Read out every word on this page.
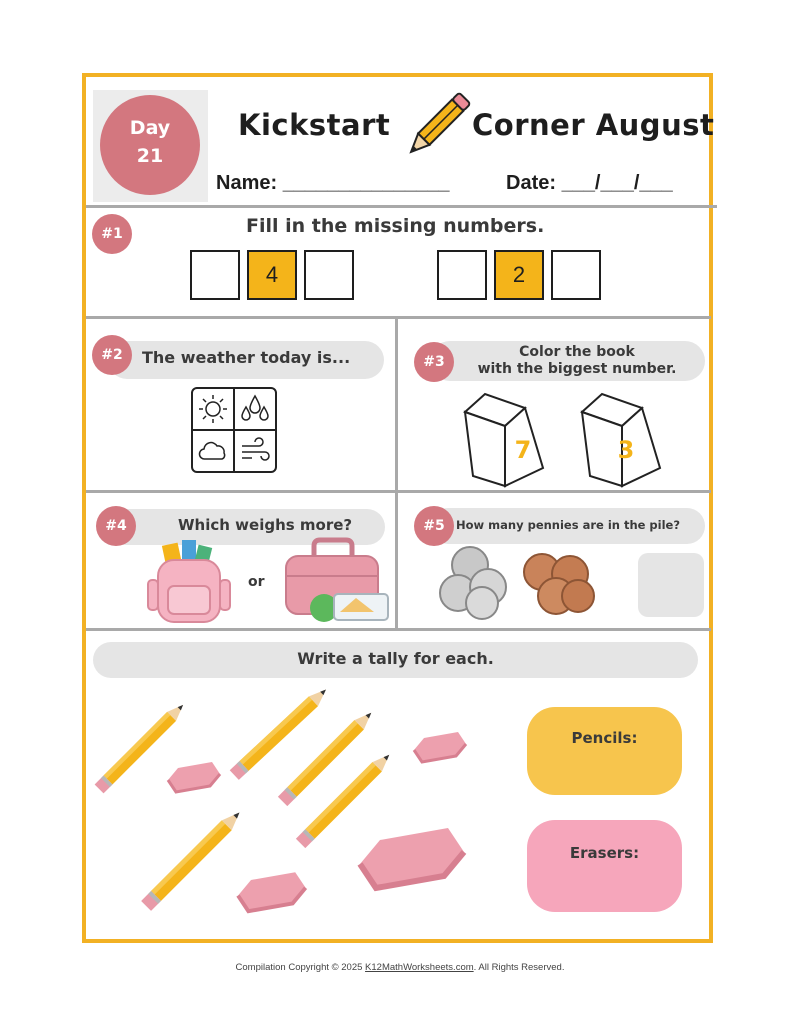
Day
21
Kickstart	Corner August
Name: _______________	Date: ___/___/___
#1	Fill in the missing numbers.
4	2
#2	The weather today is...	#3
Color the book
with the biggest number.
7	3
#4	Which weighs more?
or
#5 How many pennies are in the pile?
Write a tally for each.
Pencils:
Erasers:
Compilation Copyright © 2025 K12MathWorksheets.com. All Rights Reserved.
